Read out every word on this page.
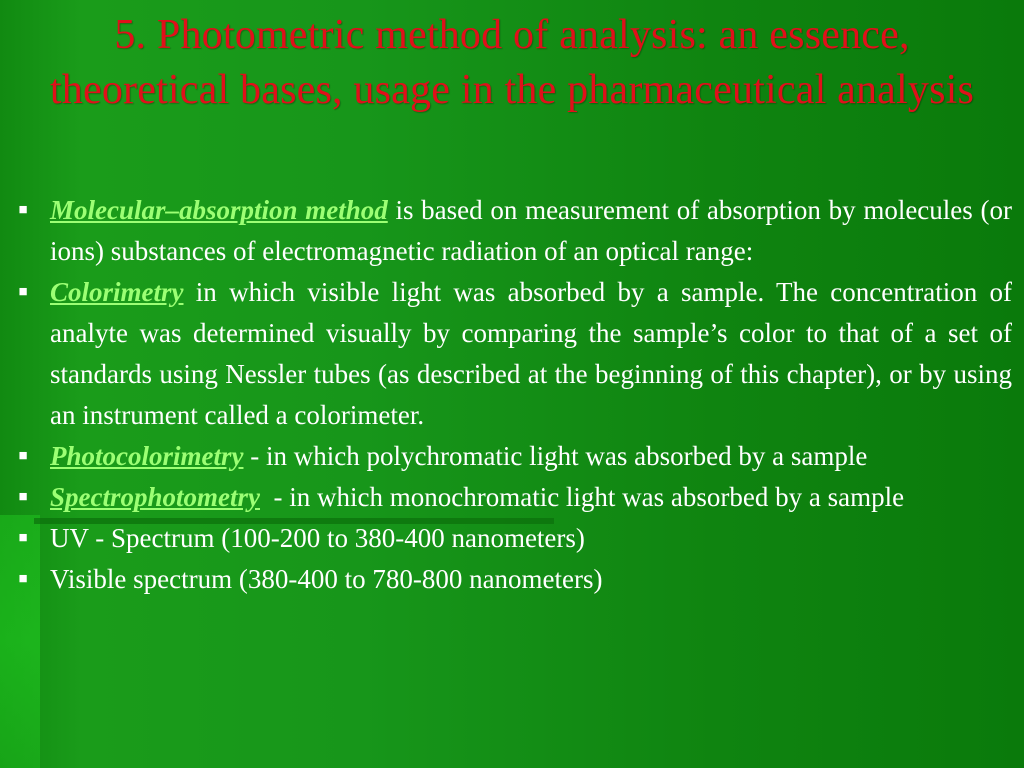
5. Photometric method of analysis: an essence, theoretical bases, usage in the pharmaceutical analysis
■ Molecular–absorption method is based on measurement of absorption by molecules (or ions) substances of electromagnetic radiation of an optical range:
■ Colorimetry in which visible light was absorbed by a sample. The concentration of analyte was determined visually by comparing the sample’s color to that of a set of standards using Nessler tubes (as described at the beginning of this chapter), or by using an instrument called a colorimeter.
■ Photocolorimetry - in which polychromatic light was absorbed by a sample
■ Spectrophotometry  - in which monochromatic light was absorbed by a sample
■ UV - Spectrum (100-200 to 380-400 nanometers)
■ Visible spectrum (380-400 to 780-800 nanometers)
